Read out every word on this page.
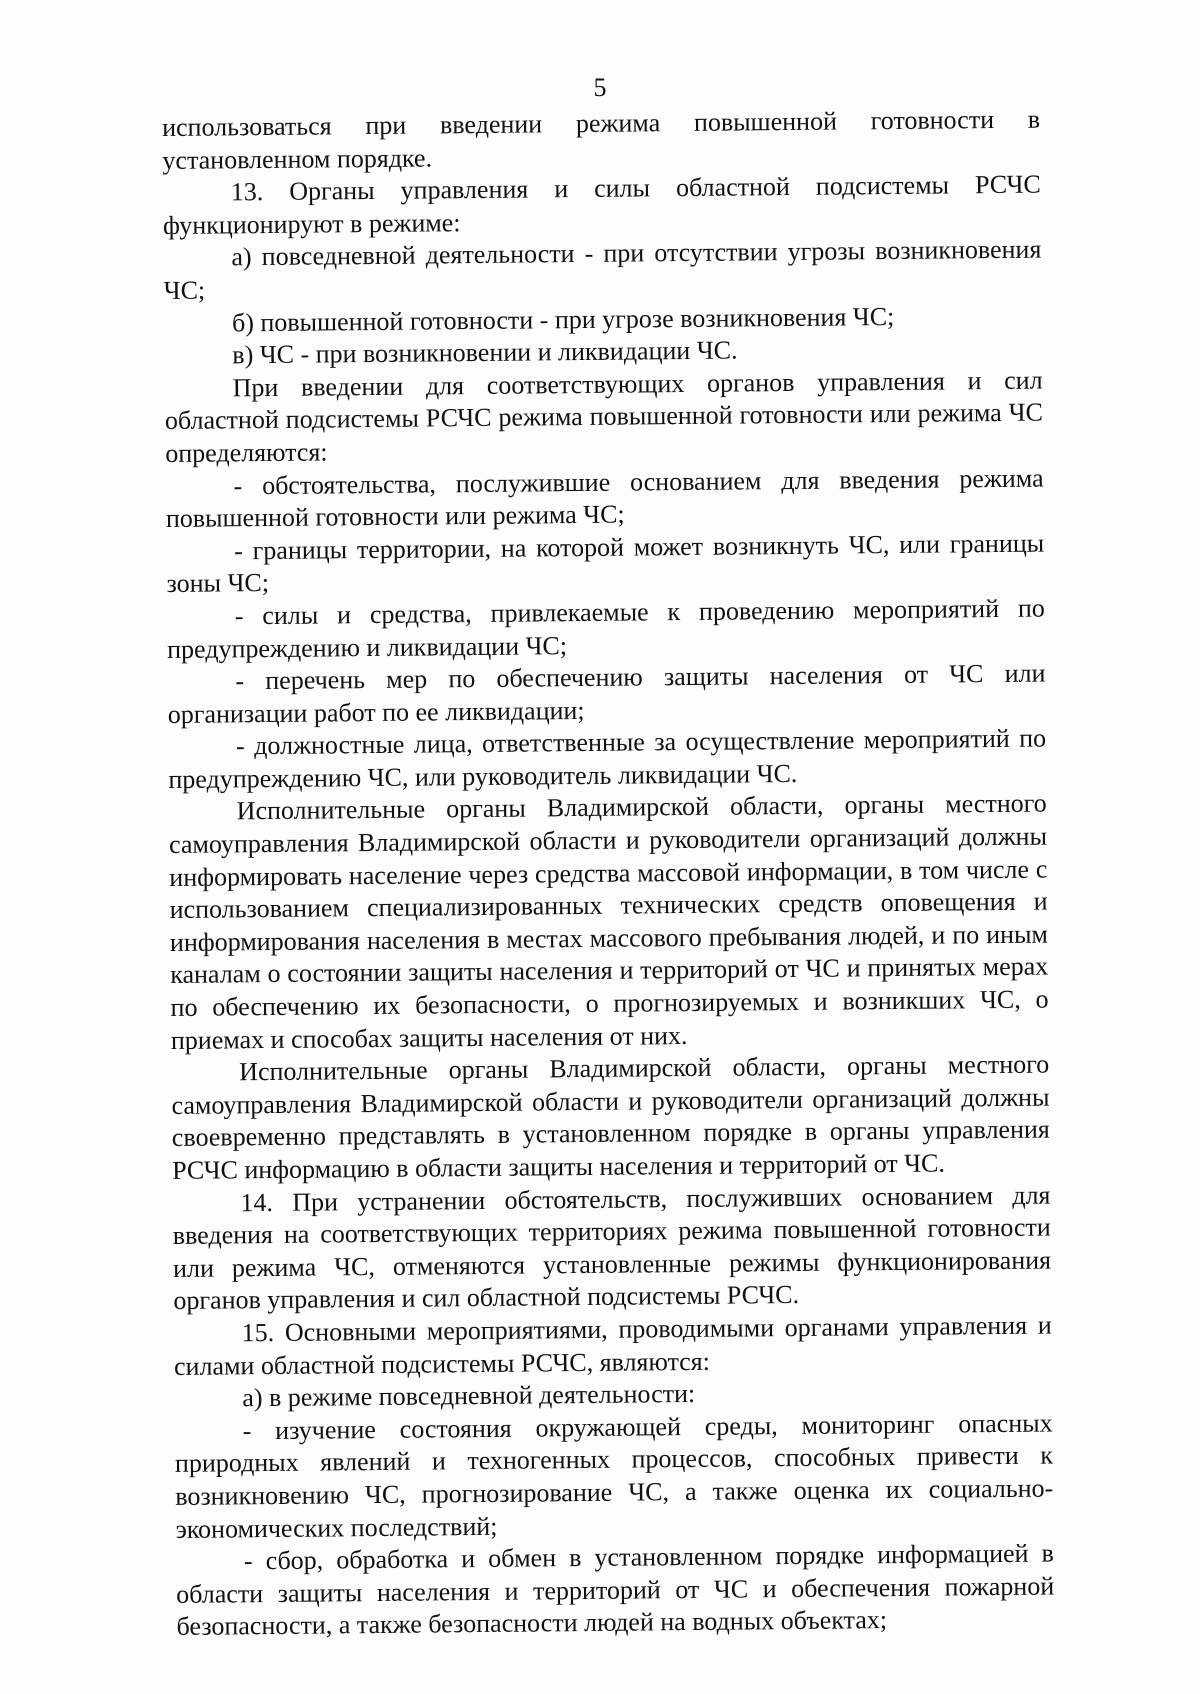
5

использоваться при введении режима повышенной готовности в установленном порядке.

13. Органы управления и силы областной подсистемы РСЧС функционируют в режиме:

а) повседневной деятельности - при отсутствии угрозы возникновения ЧС;

б) повышенной готовности - при угрозе возникновения ЧС;

в) ЧС - при возникновении и ликвидации ЧС.

При введении для соответствующих органов управления и сил областной подсистемы РСЧС режима повышенной готовности или режима ЧС определяются:

- обстоятельства, послужившие основанием для введения режима повышенной готовности или режима ЧС;

- границы территории, на которой может возникнуть ЧС, или границы зоны ЧС;

- силы и средства, привлекаемые к проведению мероприятий по предупреждению и ликвидации ЧС;

- перечень мер по обеспечению защиты населения от ЧС или организации работ по ее ликвидации;

- должностные лица, ответственные за осуществление мероприятий по предупреждению ЧС, или руководитель ликвидации ЧС.

Исполнительные органы Владимирской области, органы местного самоуправления Владимирской области и руководители организаций должны информировать население через средства массовой информации, в том числе с использованием специализированных технических средств оповещения и информирования населения в местах массового пребывания людей, и по иным каналам о состоянии защиты населения и территорий от ЧС и принятых мерах по обеспечению их безопасности, о прогнозируемых и возникших ЧС, о приемах и способах защиты населения от них.

Исполнительные органы Владимирской области, органы местного самоуправления Владимирской области и руководители организаций должны своевременно представлять в установленном порядке в органы управления РСЧС информацию в области защиты населения и территорий от ЧС.

14. При устранении обстоятельств, послуживших основанием для введения на соответствующих территориях режима повышенной готовности или режима ЧС, отменяются установленные режимы функционирования органов управления и сил областной подсистемы РСЧС.

15. Основными мероприятиями, проводимыми органами управления и силами областной подсистемы РСЧС, являются:

а) в режиме повседневной деятельности:

- изучение состояния окружающей среды, мониторинг опасных природных явлений и техногенных процессов, способных привести к возникновению ЧС, прогнозирование ЧС, а также оценка их социально-экономических последствий;

- сбор, обработка и обмен в установленном порядке информацией в области защиты населения и территорий от ЧС и обеспечения пожарной безопасности, а также безопасности людей на водных объектах;
